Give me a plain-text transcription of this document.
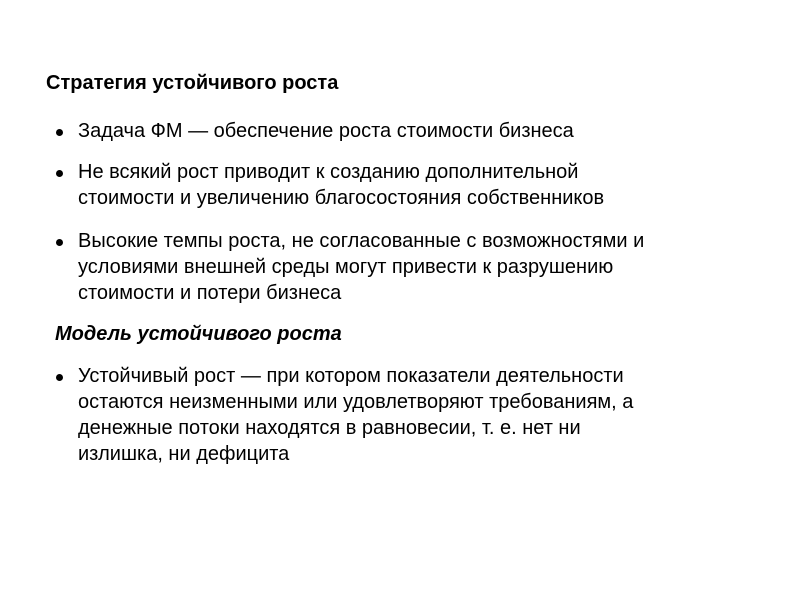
Стратегия устойчивого роста
Задача ФМ — обеспечение роста стоимости бизнеса
Не всякий рост приводит к созданию дополнительной
стоимости и увеличению благосостояния собственников
Высокие темпы роста, не согласованные с возможностями и
условиями внешней среды могут привести к разрушению
стоимости и потери бизнеса
Модель устойчивого роста
Устойчивый рост — при котором показатели деятельности
остаются неизменными или удовлетворяют требованиям, а
денежные потоки находятся в равновесии, т. е. нет ни
излишка, ни дефицита
